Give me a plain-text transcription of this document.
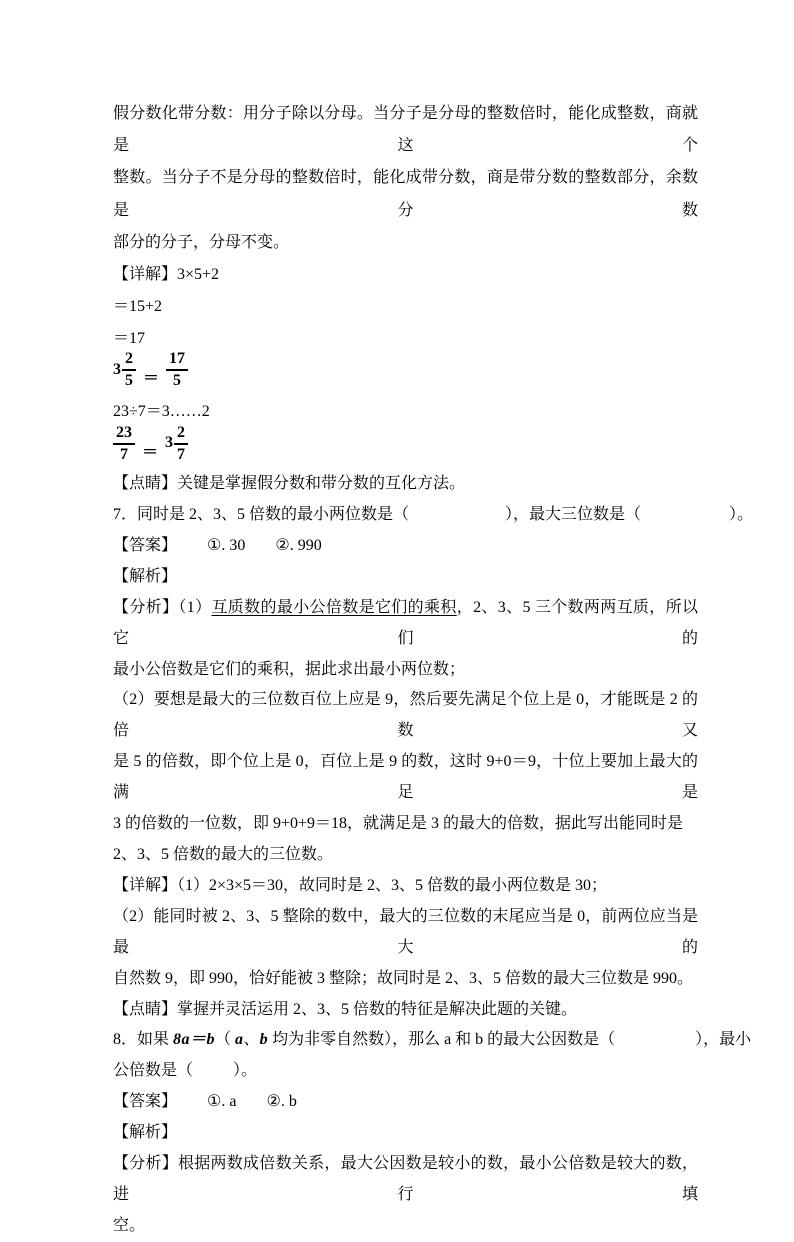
假分数化带分数：用分子除以分母。当分子是分母的整数倍时，能化成整数，商就是这个
整数。当分子不是分母的整数倍时，能化成带分数，商是带分数的整数部分，余数是分数
部分的分子，分母不变。
【详解】3×5+2
＝15+2
＝17
$3 \frac{2}{5} = \frac{17}{5}$
23÷7＝3……2
$\frac{23}{7}$ ＝
$3 \frac{2}{7}$
【点睛】关键是掌握假分数和带分数的互化方法。
7．同时是 2、3、5 倍数的最小两位数是（	），最大三位数是（	）。
【答案】 ①. 30 ②. 990
【解析】
【分析】（1）互质数的最小公倍数是它们的乘积，2、3、5 三个数两两互质，所以它们的
最小公倍数是它们的乘积，据此求出最小两位数；
（2）要想是最大的三位数百位上应是 9，然后要先满足个位上是 0，才能既是 2 的倍数又
是 5 的倍数，即个位上是 0，百位上是 9 的数，这时 9+0＝9，十位上要加上最大的满足是
3 的倍数的一位数，即 9+0+9＝18，就满足是 3 的最大的倍数，据此写出能同时是
2、3、5 倍数的最大的三位数。
【详解】（1）2×3×5＝30，故同时是 2、3、5 倍数的最小两位数是 30；
（2）能同时被 2、3、5 整除的数中，最大的三位数的末尾应当是 0，前两位应当是最大的
自然数 9，即 990，恰好能被 3 整除；故同时是 2、3、5 倍数的最大三位数是 990。
【点睛】掌握并灵活运用 2、3、5 倍数的特征是解决此题的关键。
8．如果 8a＝b（ a、b 均为非零自然数），那么 a 和 b 的最大公因数是（	），最小
公倍数是（	）。
【答案】 ①. a ②. b
【解析】
【分析】根据两数成倍数关系，最大公因数是较小的数，最小公倍数是较大的数，进行填
空。
